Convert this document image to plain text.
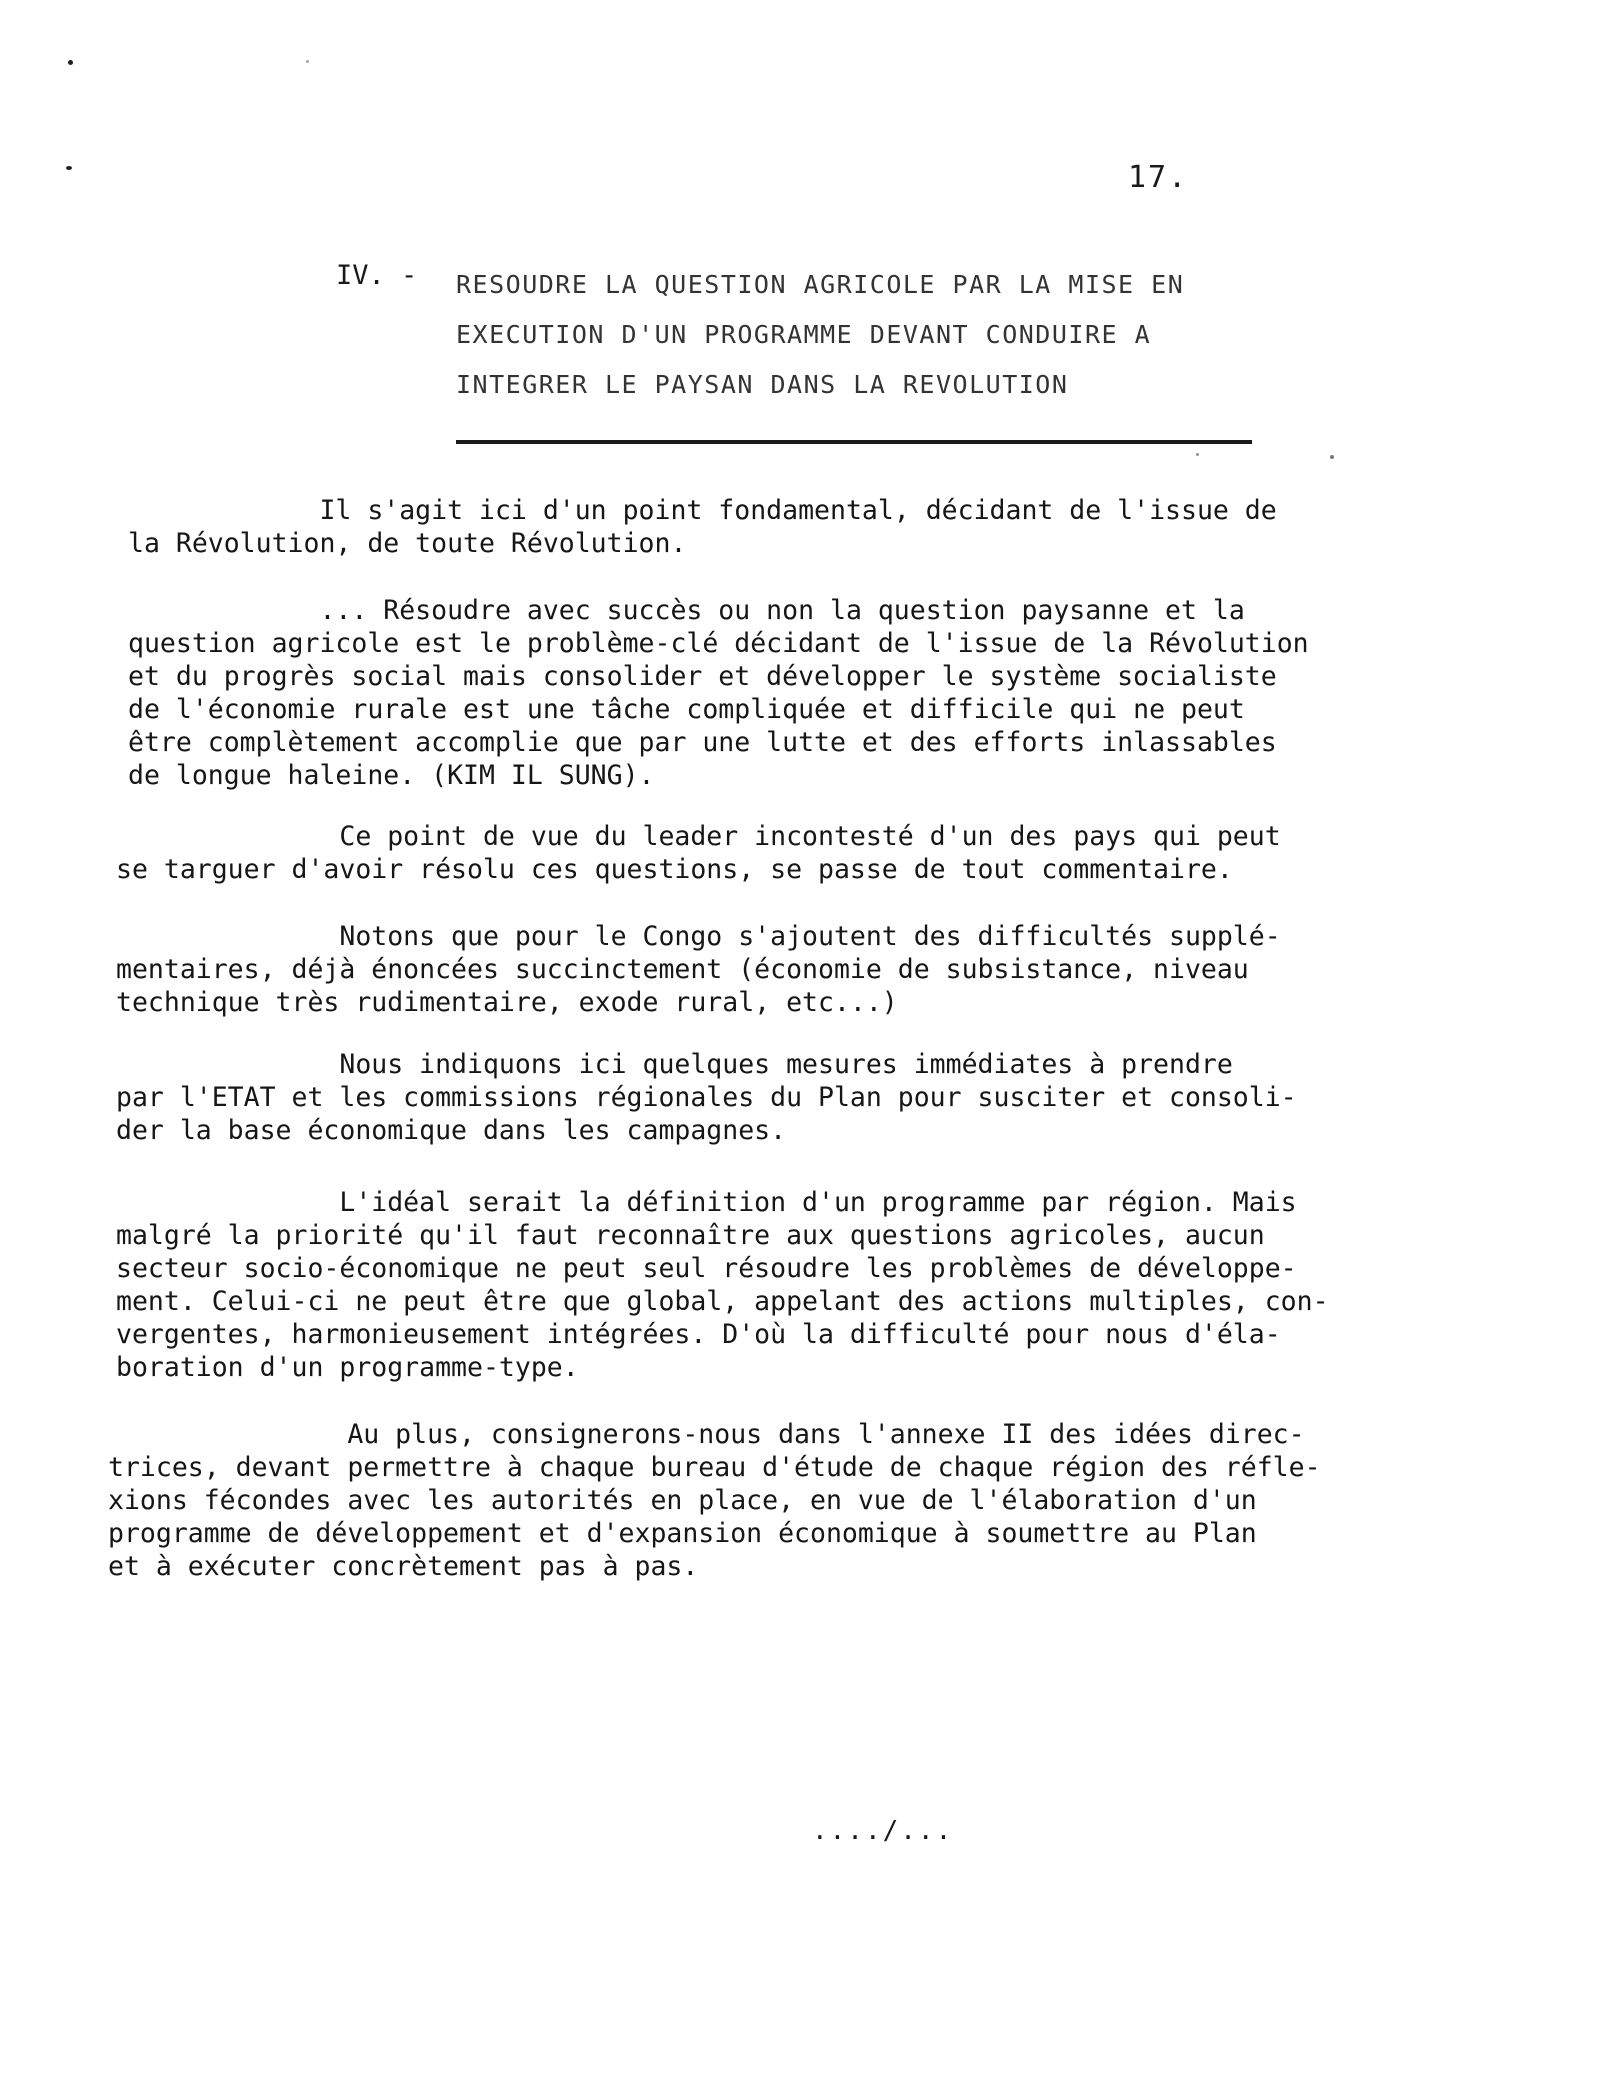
17.
IV. - RESOUDRE LA QUESTION AGRICOLE PAR LA MISE EN
EXECUTION D'UN PROGRAMME DEVANT CONDUIRE A
INTEGRER LE PAYSAN DANS LA REVOLUTION
Il s'agit ici d'un point fondamental, décidant de l'issue de
la Révolution, de toute Révolution.
... Résoudre avec succès ou non la question paysanne et la
question agricole est le problème-clé décidant de l'issue de la Révolution
et du progrès social mais consolider et développer le système socialiste
de l'économie rurale est une tâche compliquée et difficile qui ne peut
être complètement accomplie que par une lutte et des efforts inlassables
de longue haleine. (KIM IL SUNG).
Ce point de vue du leader incontesté d'un des pays qui peut
se targuer d'avoir résolu ces questions, se passe de tout commentaire.
Notons que pour le Congo s'ajoutent des difficultés supplé-
mentaires, déjà énoncées succinctement (économie de subsistance, niveau
technique très rudimentaire, exode rural, etc...)
Nous indiquons ici quelques mesures immédiates à prendre
par l'ETAT et les commissions régionales du Plan pour susciter et consoli-
der la base économique dans les campagnes.
L'idéal serait la définition d'un programme par région. Mais
malgré la priorité qu'il faut reconnaître aux questions agricoles, aucun
secteur socio-économique ne peut seul résoudre les problèmes de développe-
ment. Celui-ci ne peut être que global, appelant des actions multiples, con-
vergentes, harmonieusement intégrées. D'où la difficulté pour nous d'éla-
boration d'un programme-type.
Au plus, consignerons-nous dans l'annexe II des idées direc-
trices, devant permettre à chaque bureau d'étude de chaque région des réfle-
xions fécondes avec les autorités en place, en vue de l'élaboration d'un
programme de développement et d'expansion économique à soumettre au Plan
et à exécuter concrètement pas à pas.
..../...
